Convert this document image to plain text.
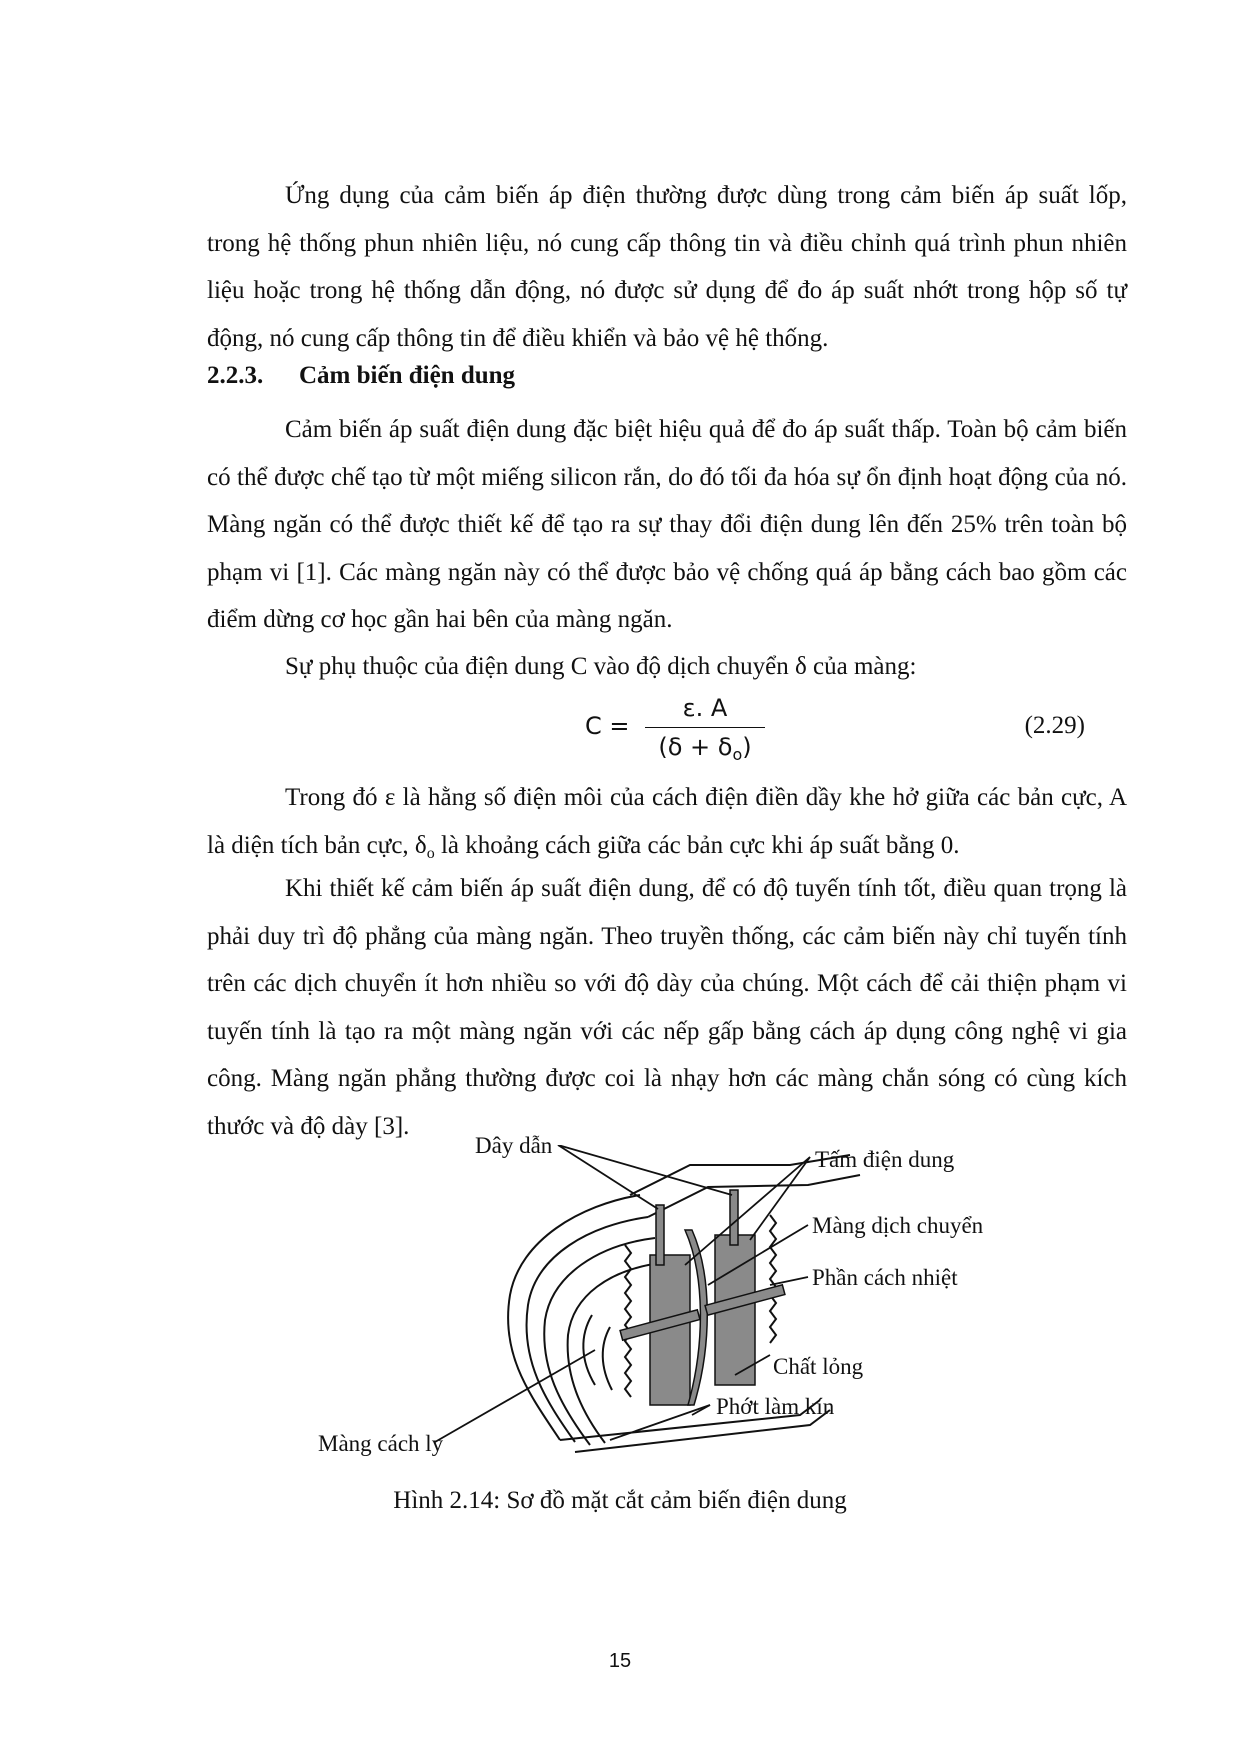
Ứng dụng của cảm biến áp điện thường được dùng trong cảm biến áp suất lốp, trong hệ thống phun nhiên liệu, nó cung cấp thông tin và điều chỉnh quá trình phun nhiên liệu hoặc trong hệ thống dẫn động, nó được sử dụng để đo áp suất nhớt trong hộp số tự động, nó cung cấp thông tin để điều khiển và bảo vệ hệ thống.

2.2.3. Cảm biến điện dung

Cảm biến áp suất điện dung đặc biệt hiệu quả để đo áp suất thấp. Toàn bộ cảm biến có thể được chế tạo từ một miếng silicon rắn, do đó tối đa hóa sự ổn định hoạt động của nó. Màng ngăn có thể được thiết kế để tạo ra sự thay đổi điện dung lên đến 25% trên toàn bộ phạm vi [1]. Các màng ngăn này có thể được bảo vệ chống quá áp bằng cách bao gồm các điểm dừng cơ học gần hai bên của màng ngăn.

Sự phụ thuộc của điện dung C vào độ dịch chuyển δ của màng:

C =
ε. A
$(\delta + \delta_o)$
(2.29)

Trong đó ε là hằng số điện môi của cách điện điền dầy khe hở giữa các bản cực, A là diện tích bản cực, $\delta_o$ là khoảng cách giữa các bản cực khi áp suất bằng 0.

Khi thiết kế cảm biến áp suất điện dung, để có độ tuyến tính tốt, điều quan trọng là phải duy trì độ phẳng của màng ngăn. Theo truyền thống, các cảm biến này chỉ tuyến tính trên các dịch chuyển ít hơn nhiều so với độ dày của chúng. Một cách để cải thiện phạm vi tuyến tính là tạo ra một màng ngăn với các nếp gấp bằng cách áp dụng công nghệ vi gia công. Màng ngăn phẳng thường được coi là nhạy hơn các màng chắn sóng có cùng kích thước và độ dày [3].

Dây dẫn
Tấm điện dung
Màng dịch chuyển
Phần cách nhiệt
Chất lỏng
Phớt làm kín
Màng cách ly

Hình 2.14: Sơ đồ mặt cắt cảm biến điện dung

15
